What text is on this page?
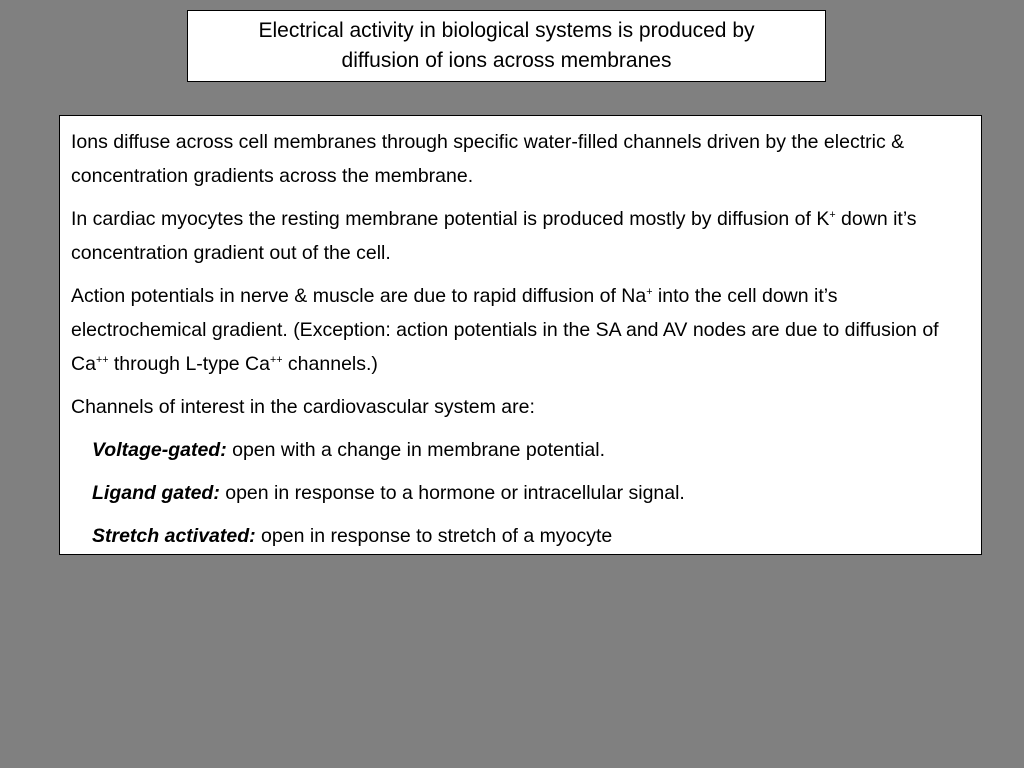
Electrical activity in biological systems is produced by
diffusion of ions across membranes

Ions diffuse across cell membranes through specific water-filled channels driven by the electric & concentration gradients across the membrane.

In cardiac myocytes the resting membrane potential is produced mostly by diffusion of K+ down it’s concentration gradient out of the cell.

Action potentials in nerve & muscle are due to rapid diffusion of Na+ into the cell down it’s electrochemical gradient. (Exception: action potentials in the SA and AV nodes are due to diffusion of Ca++ through L-type Ca++ channels.)

Channels of interest in the cardiovascular system are:

Voltage-gated: open with a change in membrane potential.

Ligand gated: open in response to a hormone or intracellular signal.

Stretch activated: open in response to stretch of a myocyte
